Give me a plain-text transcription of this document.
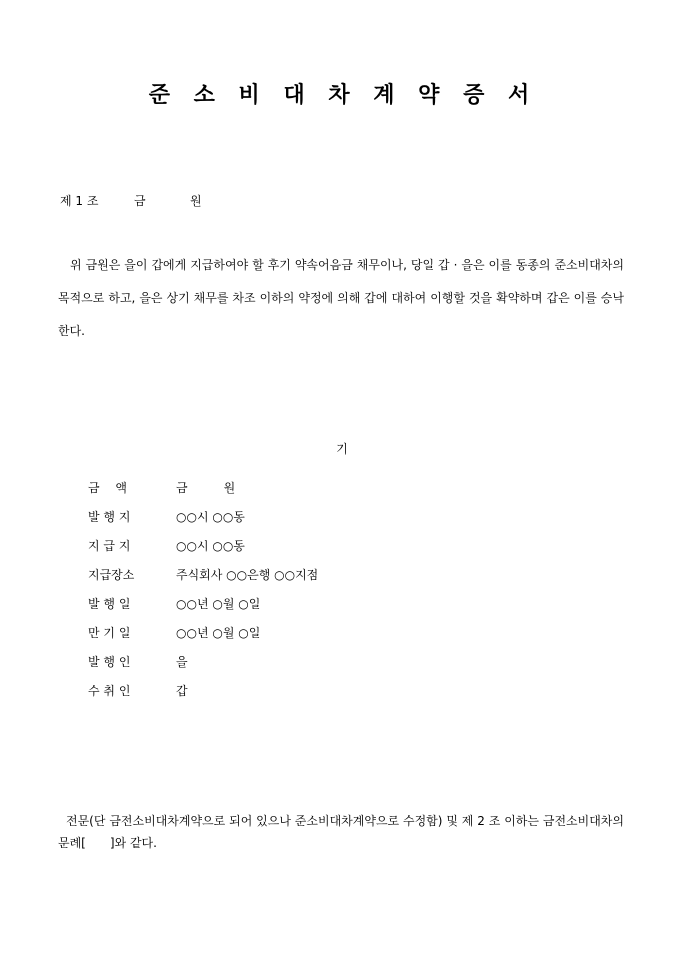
준 소 비 대 차 계 약 증 서
제 1 조	금	원
위 금원은 을이 갑에게 지급하여야 할 후기 약속어음금 채무이나, 당일 갑 · 을은 이를 동종의 준소비대차의 목적으로 하고, 을은 상기 채무를 차조 이하의 약정에 의해 갑에 대하여 이행할 것을 확약하며 갑은 이를 승낙한다.
기
금　 액	금　　　원
발 행 지	○○시 ○○동
지 급 지	○○시 ○○동
지급장소	주식회사 ○○은행 ○○지점
발 행 일	○○년 ○월 ○일
만 기 일	○○년 ○월 ○일
발 행 인	을
수 취 인	갑
전문(단 금전소비대차계약으로 되어 있으나 준소비대차계약으로 수정함) 및 제 2 조 이하는 금전소비대차의 문례[　　]와 같다.
